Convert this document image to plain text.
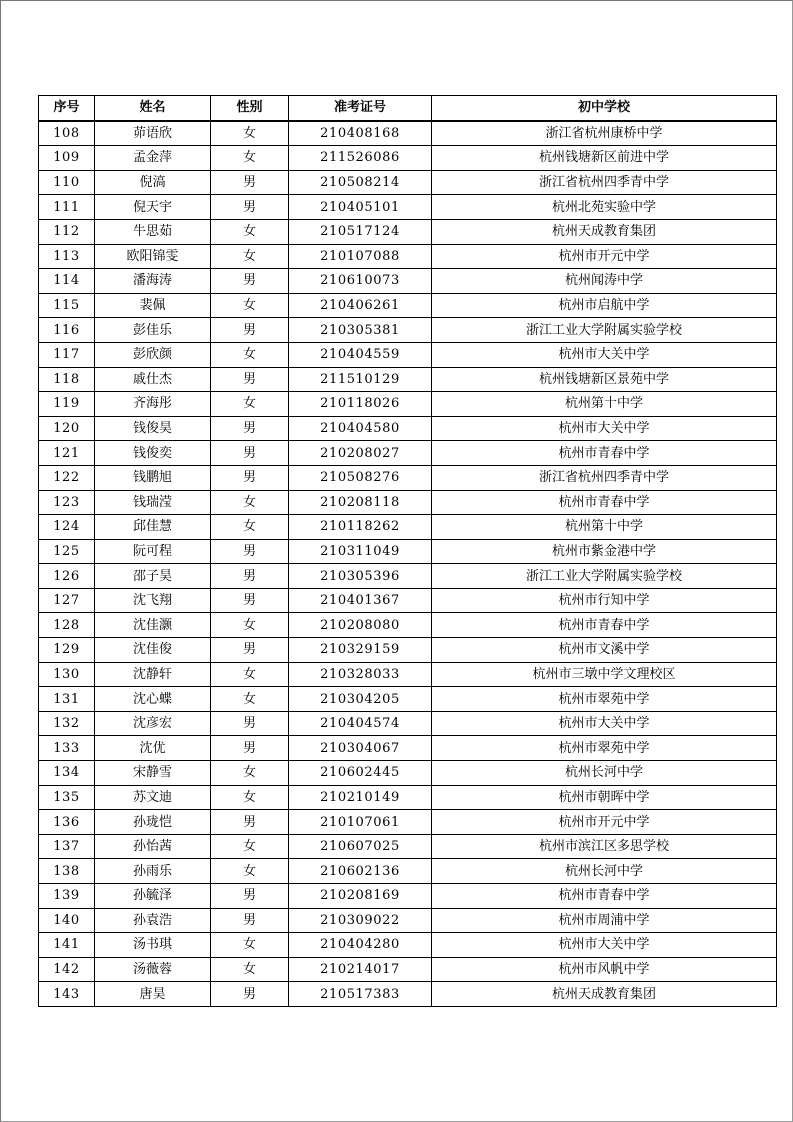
序号	姓名	性别	准考证号	初中学校
108	茆语欣	女	210408168	浙江省杭州康桥中学
109	孟金萍	女	211526086	杭州钱塘新区前进中学
110	倪滈	男	210508214	浙江省杭州四季青中学
111	倪天宇	男	210405101	杭州北苑实验中学
112	牛思茹	女	210517124	杭州天成教育集团
113	欧阳锦雯	女	210107088	杭州市开元中学
114	潘海涛	男	210610073	杭州闻涛中学
115	裴佩	女	210406261	杭州市启航中学
116	彭佳乐	男	210305381	浙江工业大学附属实验学校
117	彭欣颜	女	210404559	杭州市大关中学
118	戚仕杰	男	211510129	杭州钱塘新区景苑中学
119	齐海彤	女	210118026	杭州第十中学
120	钱俊昊	男	210404580	杭州市大关中学
121	钱俊奕	男	210208027	杭州市青春中学
122	钱鹏旭	男	210508276	浙江省杭州四季青中学
123	钱瑞滢	女	210208118	杭州市青春中学
124	邱佳慧	女	210118262	杭州第十中学
125	阮可程	男	210311049	杭州市紫金港中学
126	邵子昊	男	210305396	浙江工业大学附属实验学校
127	沈飞翔	男	210401367	杭州市行知中学
128	沈佳灏	女	210208080	杭州市青春中学
129	沈佳俊	男	210329159	杭州市文溪中学
130	沈静轩	女	210328033	杭州市三墩中学文理校区
131	沈心蝶	女	210304205	杭州市翠苑中学
132	沈彦宏	男	210404574	杭州市大关中学
133	沈优	男	210304067	杭州市翠苑中学
134	宋静雪	女	210602445	杭州长河中学
135	苏文迪	女	210210149	杭州市朝晖中学
136	孙珑恺	男	210107061	杭州市开元中学
137	孙怡茜	女	210607025	杭州市滨江区多思学校
138	孙雨乐	女	210602136	杭州长河中学
139	孙毓泽	男	210208169	杭州市青春中学
140	孙袁浩	男	210309022	杭州市周浦中学
141	汤书琪	女	210404280	杭州市大关中学
142	汤薇蓉	女	210214017	杭州市风帆中学
143	唐昊	男	210517383	杭州天成教育集团
